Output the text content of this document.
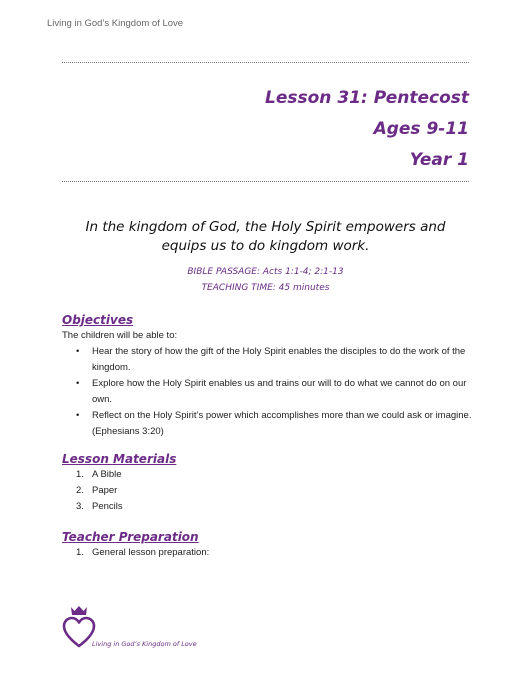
Living in God’s Kingdom of Love
Lesson 31: Pentecost
Ages 9-11
Year 1
In the kingdom of God, the Holy Spirit empowers and equips us to do kingdom work.
BIBLE PASSAGE: Acts 1:1-4; 2:1-13
TEACHING TIME: 45 minutes
Objectives
The children will be able to:
• Hear the story of how the gift of the Holy Spirit enables the disciples to do the work of the kingdom.
• Explore how the Holy Spirit enables us and trains our will to do what we cannot do on our own.
• Reflect on the Holy Spirit’s power which accomplishes more than we could ask or imagine. (Ephesians 3:20)
Lesson Materials
1. A Bible
2. Paper
3. Pencils
Teacher Preparation
1. General lesson preparation:
Living in God’s Kingdom of Love
